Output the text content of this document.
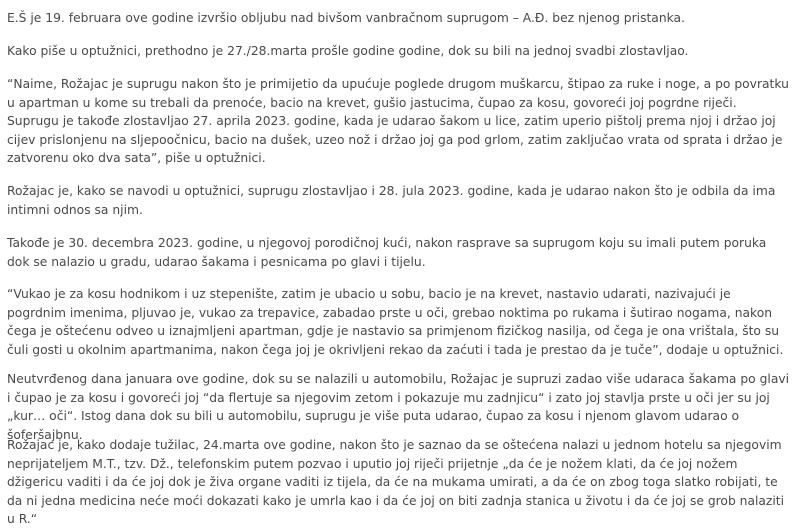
E.Š je 19. februara ove godine izvršio obljubu nad bivšom vanbračnom suprugom – A.Đ. bez njenog pristanka.

Kako piše u optužnici, prethodno je 27./28.marta prošle godine godine, dok su bili na jednoj svadbi zlostavljao.

“Naime, Rožajac je suprugu nakon što je primijetio da upućuje poglede drugom muškarcu, štipao za ruke i noge, a po povratku u apartman u kome su trebali da prenoće, bacio na krevet, gušio jastucima, čupao za kosu, govoreći joj pogrdne riječi. Suprugu je takođe zlostavljao 27. aprila 2023. godine, kada je udarao šakom u lice, zatim uperio pištolj prema njoj i držao joj cijev prislonjenu na sljepoočnicu, bacio na dušek, uzeo nož i držao joj ga pod grlom, zatim zaključao vrata od sprata i držao je zatvorenu oko dva sata”, piše u optužnici.

Rožajac je, kako se navodi u optužnici, suprugu zlostavljao i 28. jula 2023. godine, kada je udarao nakon što je odbila da ima intimni odnos sa njim.

Takođe je 30. decembra 2023. godine, u njegovoj porodičnoj kući, nakon rasprave sa suprugom koju su imali putem poruka dok se nalazio u gradu, udarao šakama i pesnicama po glavi i tijelu.

“Vukao je za kosu hodnikom i uz stepenište, zatim je ubacio u sobu, bacio je na krevet, nastavio udarati, nazivajući je pogrdnim imenima, pljuvao je, vukao za trepavice, zabadao prste u oči, grebao noktima po rukama i šutirao nogama, nakon čega je oštećenu odveo u iznajmljeni apartman, gdje je nastavio sa primjenom fizičkog nasilja, od čega je ona vrištala, što su čuli gosti u okolnim apartmanima, nakon čega joj je okrivljeni rekao da zaćuti i tada je prestao da je tuče”, dodaje u optužnici.

Neutvrđenog dana januara ove godine, dok su se nalazili u automobilu, Rožajac je supruzi zadao više udaraca šakama po glavi i čupao je za kosu i govoreći joj “da flertuje sa njegovim zetom i pokazuje mu zadnjicu“ i zato joj stavlja prste u oči jer su joj „kur… oči“. Istog dana dok su bili u automobilu, suprugu je više puta udarao, čupao za kosu i njenom glavom udarao o šoferšajbnu.

Rožajac je, kako dodaje tužilac, 24.marta ove godine, nakon što je saznao da se oštećena nalazi u jednom hotelu sa njegovim neprijateljem M.T., tzv. Dž., telefonskim putem pozvao i uputio joj riječi prijetnje „da će je nožem klati, da će joj nožem džigericu vaditi i da će joj dok je živa organe vaditi iz tijela, da će na mukama umirati, a da će on zbog toga slatko robijati, te da ni jedna medicina neće moći dokazati kako je umrla kao i da će joj on biti zadnja stanica u životu i da će joj se grob nalaziti u R.“
